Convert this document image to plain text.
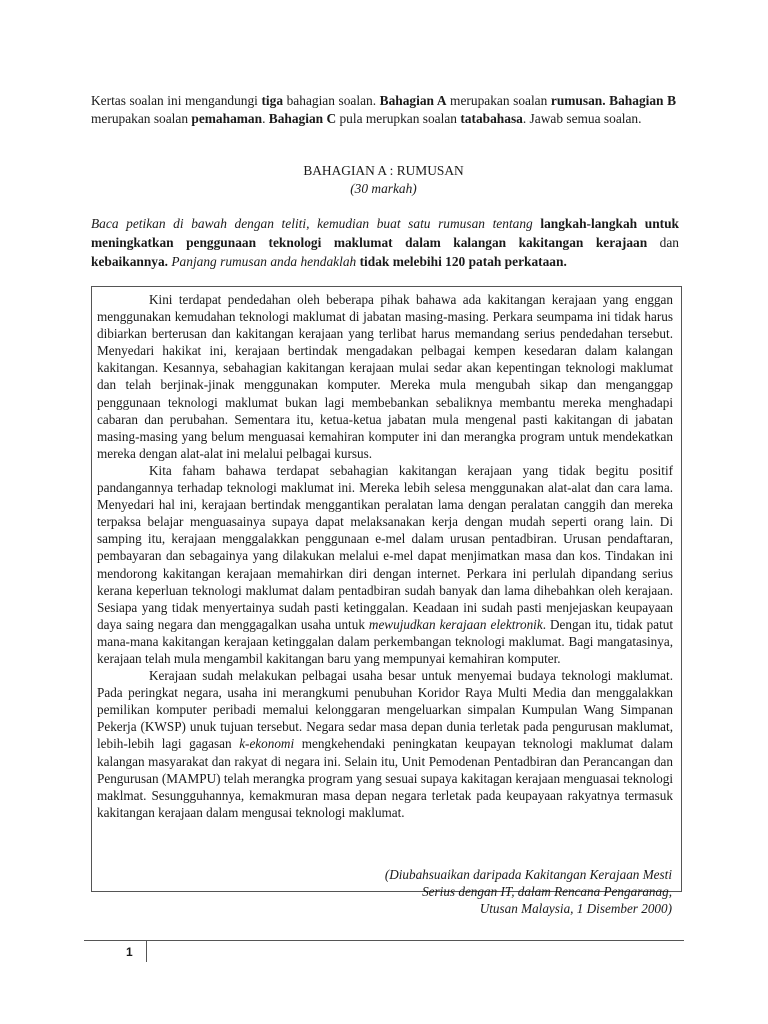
Kertas soalan ini mengandungi tiga bahagian soalan. Bahagian A merupakan soalan rumusan. Bahagian B merupakan soalan pemahaman. Bahagian C pula merupkan soalan tatabahasa. Jawab semua soalan.
BAHAGIAN A : RUMUSAN
(30 markah)
Baca petikan di bawah dengan teliti, kemudian buat satu rumusan tentang langkah-langkah untuk meningkatkan penggunaan teknologi maklumat dalam kalangan kakitangan kerajaan dan kebaikannya. Panjang rumusan anda hendaklah tidak melebihi 120 patah perkataan.

Kini terdapat pendedahan oleh beberapa pihak bahawa ada kakitangan kerajaan yang enggan menggunakan kemudahan teknologi maklumat di jabatan masing-masing. Perkara seumpama ini tidak harus dibiarkan berterusan dan kakitangan kerajaan yang terlibat harus memandang serius pendedahan tersebut. Menyedari hakikat ini, kerajaan bertindak mengadakan pelbagai kempen kesedaran dalam kalangan kakitangan. Kesannya, sebahagian kakitangan kerajaan mulai sedar akan kepentingan teknologi maklumat dan telah berjinak-jinak menggunakan komputer. Mereka mula mengubah sikap dan menganggap penggunaan teknologi maklumat bukan lagi membebankan sebaliknya membantu mereka menghadapi cabaran dan perubahan. Sementara itu, ketua-ketua jabatan mula mengenal pasti kakitangan di jabatan masing-masing yang belum menguasai kemahiran komputer ini dan merangka program untuk mendekatkan mereka dengan alat-alat ini melalui pelbagai kursus.

Kita faham bahawa terdapat sebahagian kakitangan kerajaan yang tidak begitu positif pandangannya terhadap teknologi maklumat ini. Mereka lebih selesa menggunakan alat-alat dan cara lama. Menyedari hal ini, kerajaan bertindak menggantikan peralatan lama dengan peralatan canggih dan mereka terpaksa belajar menguasainya supaya dapat melaksanakan kerja dengan mudah seperti orang lain. Di samping itu, kerajaan menggalakkan penggunaan e-mel dalam urusan pentadbiran. Urusan pendaftaran, pembayaran dan sebagainya yang dilakukan melalui e-mel dapat menjimatkan masa dan kos. Tindakan ini mendorong kakitangan kerajaan memahirkan diri dengan internet. Perkara ini perlulah dipandang serius kerana keperluan teknologi maklumat dalam pentadbiran sudah banyak dan lama dihebahkan oleh kerajaan. Sesiapa yang tidak menyertainya sudah pasti ketinggalan. Keadaan ini sudah pasti menjejaskan keupayaan daya saing negara dan menggagalkan usaha untuk mewujudkan kerajaan elektronik. Dengan itu, tidak patut mana-mana kakitangan kerajaan ketinggalan dalam perkembangan teknologi maklumat. Bagi mangatasinya, kerajaan telah mula mengambil kakitangan baru yang mempunyai kemahiran komputer.

Kerajaan sudah melakukan pelbagai usaha besar untuk menyemai budaya teknologi maklumat. Pada peringkat negara, usaha ini merangkumi penubuhan Koridor Raya Multi Media dan menggalakkan pemilikan komputer peribadi memalui kelonggaran mengeluarkan simpalan Kumpulan Wang Simpanan Pekerja (KWSP) unuk tujuan tersebut. Negara sedar masa depan dunia terletak pada pengurusan maklumat, lebih-lebih lagi gagasan k-ekonomi mengkehendaki peningkatan keupayan teknologi maklumat dalam kalangan masyarakat dan rakyat di negara ini. Selain itu, Unit Pemodenan Pentadbiran dan Perancangan dan Pengurusan (MAMPU) telah merangka program yang sesuai supaya kakitagan kerajaan menguasai teknologi maklmat. Sesungguhannya, kemakmuran masa depan negara terletak pada keupayaan rakyatnya termasuk kakitangan kerajaan dalam mengusai teknologi maklumat.

(Diubahsuaikan daripada Kakitangan Kerajaan Mesti
Serius dengan IT, dalam Rencana Pengaranag,
Utusan Malaysia, 1 Disember 2000)
1
